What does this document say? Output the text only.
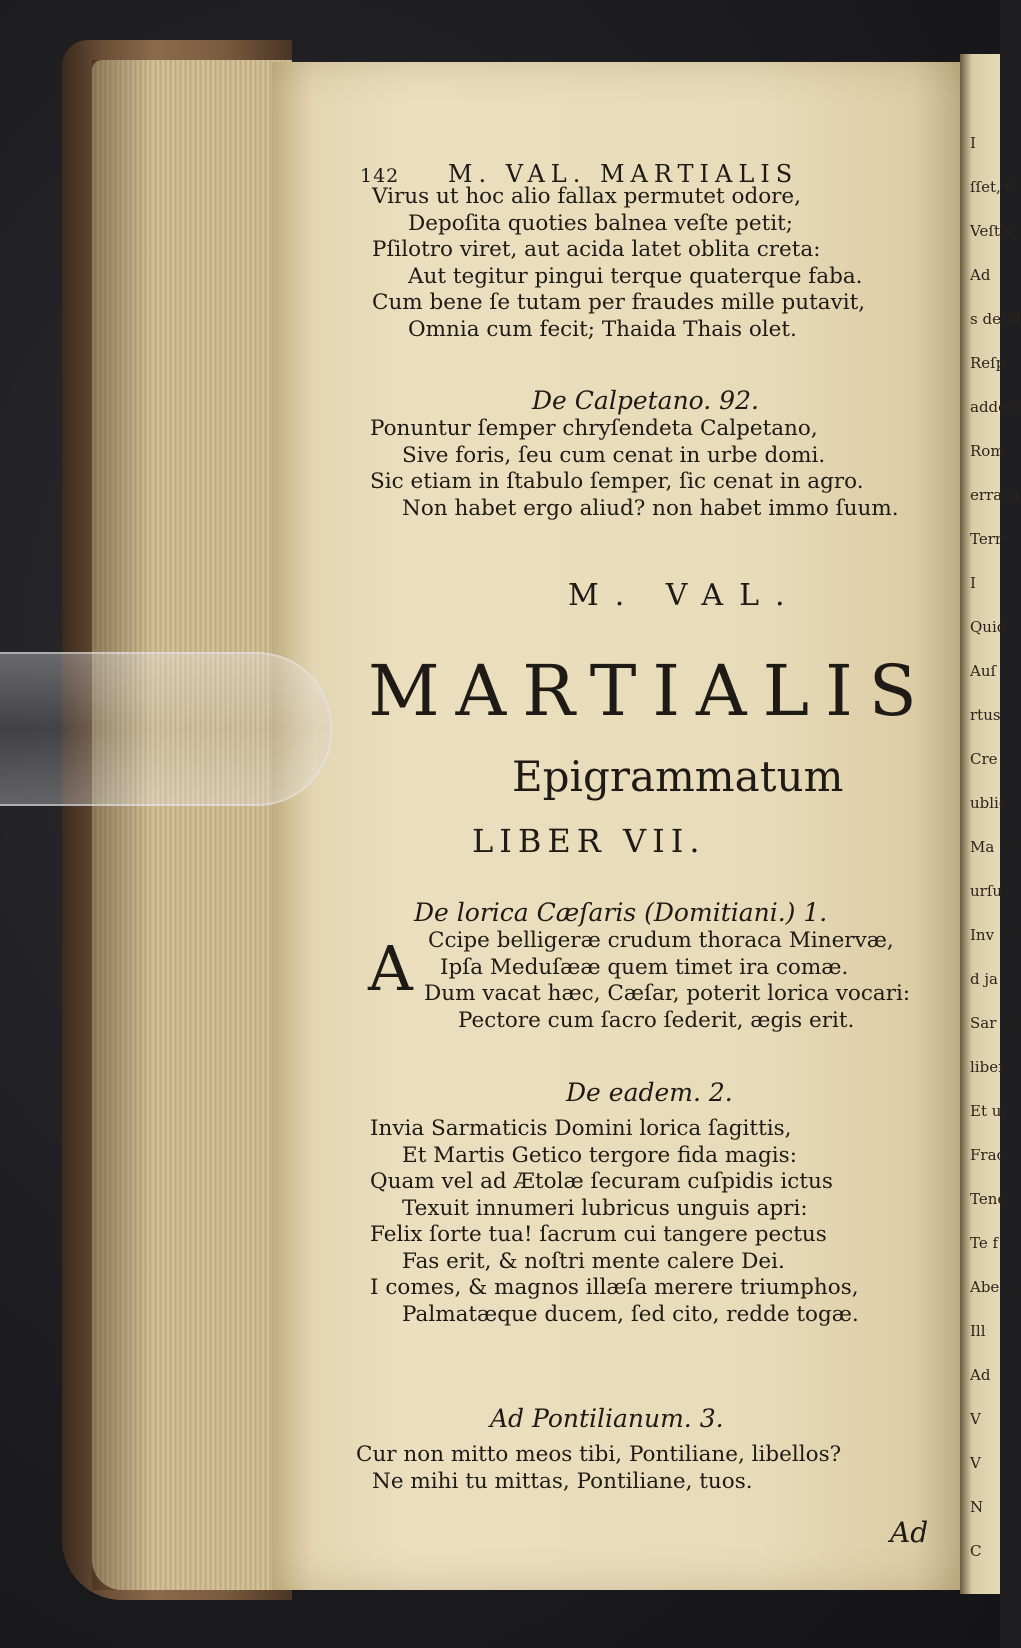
I
ſſet, C
Veſtis
Ad
s deſid
Reſp
adde c
Rom
erraru
Terr
I
Quid
Auſ
rtus
Cre
ublic
Ma
urſu
Inv
d ja
Sar
liber
Et ur
Frac
Tene
Te f
Abe
Ill
Ad
V
V
N
C
142 M. VAL. MARTIALIS
Virus ut hoc alio fallax permutet odore,
Depoſita quoties balnea veſte petit;
Pſilotro viret, aut acida latet oblita creta:
Aut tegitur pingui terque quaterque faba.
Cum bene ſe tutam per fraudes mille putavit,
Omnia cum fecit; Thaida Thais olet.
De Calpetano. 92.
Ponuntur ſemper chryſendeta Calpetano,
Sive foris, ſeu cum cenat in urbe domi.
Sic etiam in ſtabulo ſemper, ſic cenat in agro.
Non habet ergo aliud? non habet immo ſuum.
M. VAL.
MARTIALIS
Epigrammatum
LIBER VII.
De lorica Cæſaris (Domitiani.) 1.
A Ccipe belligeræ crudum thoraca Minervæ,
Ipſa Meduſææ quem timet ira comæ.
Dum vacat hæc, Cæſar, poterit lorica vocari:
Pectore cum ſacro ſederit, ægis erit.
De eadem. 2.
Invia Sarmaticis Domini lorica ſagittis,
Et Martis Getico tergore fida magis:
Quam vel ad Ætolæ ſecuram cuſpidis ictus
Texuit innumeri lubricus unguis apri:
Felix ſorte tua! ſacrum cui tangere pectus
Fas erit, & noſtri mente calere Dei.
I comes, & magnos illæſa merere triumphos,
Palmatæque ducem, ſed cito, redde togæ.
Ad Pontilianum. 3.
Cur non mitto meos tibi, Pontiliane, libellos?
Ne mihi tu mittas, Pontiliane, tuos.
Ad
